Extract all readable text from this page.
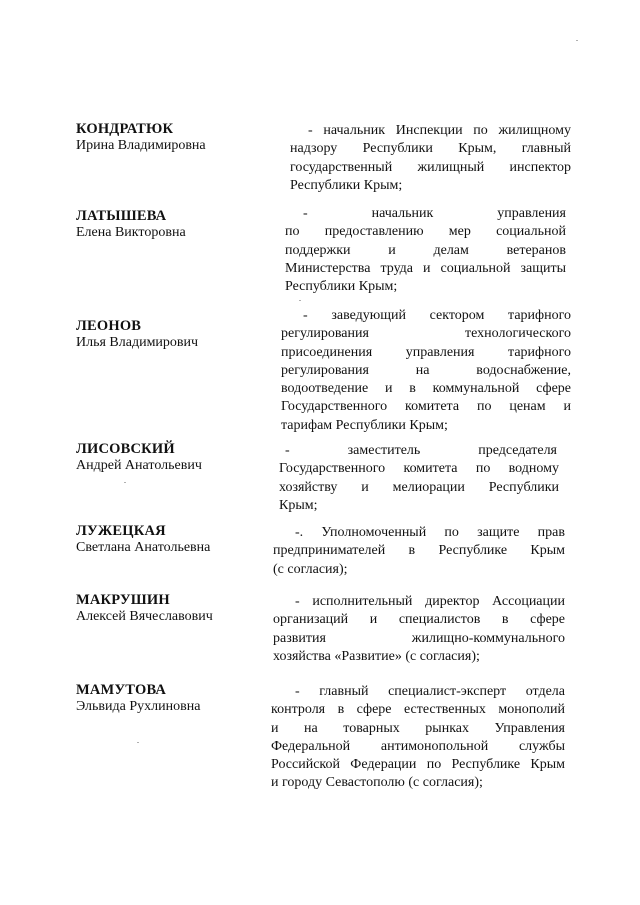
КОНДРАТЮК
Ирина Владимировна
- начальник Инспекции по жилищному
надзору Республики Крым, главный
государственный жилищный инспектор
Республики Крым;
ЛАТЫШЕВА
Елена Викторовна
- начальник управления
по предоставлению мер социальной
поддержки и делам ветеранов
Министерства труда и социальной защиты
Республики Крым;
ЛЕОНОВ
Илья Владимирович
- заведующий сектором тарифного
регулирования технологического
присоединения управления тарифного
регулирования на водоснабжение,
водоотведение и в коммунальной сфере
Государственного комитета по ценам и
тарифам Республики Крым;
ЛИСОВСКИЙ
Андрей Анатольевич
- заместитель председателя
Государственного комитета по водному
хозяйству и мелиорации Республики
Крым;
ЛУЖЕЦКАЯ
Светлана Анатольевна
-. Уполномоченный по защите прав
предпринимателей в Республике Крым
(с согласия);
МАКРУШИН
Алексей Вячеславович
- исполнительный директор Ассоциации
организаций и специалистов в сфере
развития жилищно-коммунального
хозяйства «Развитие» (с согласия);
МАМУТОВА
Эльвида Рухлиновна
- главный специалист-эксперт отдела
контроля в сфере естественных монополий
и на товарных рынках Управления
Федеральной антимонопольной службы
Российской Федерации по Республике Крым
и городу Севастополю (с согласия);
